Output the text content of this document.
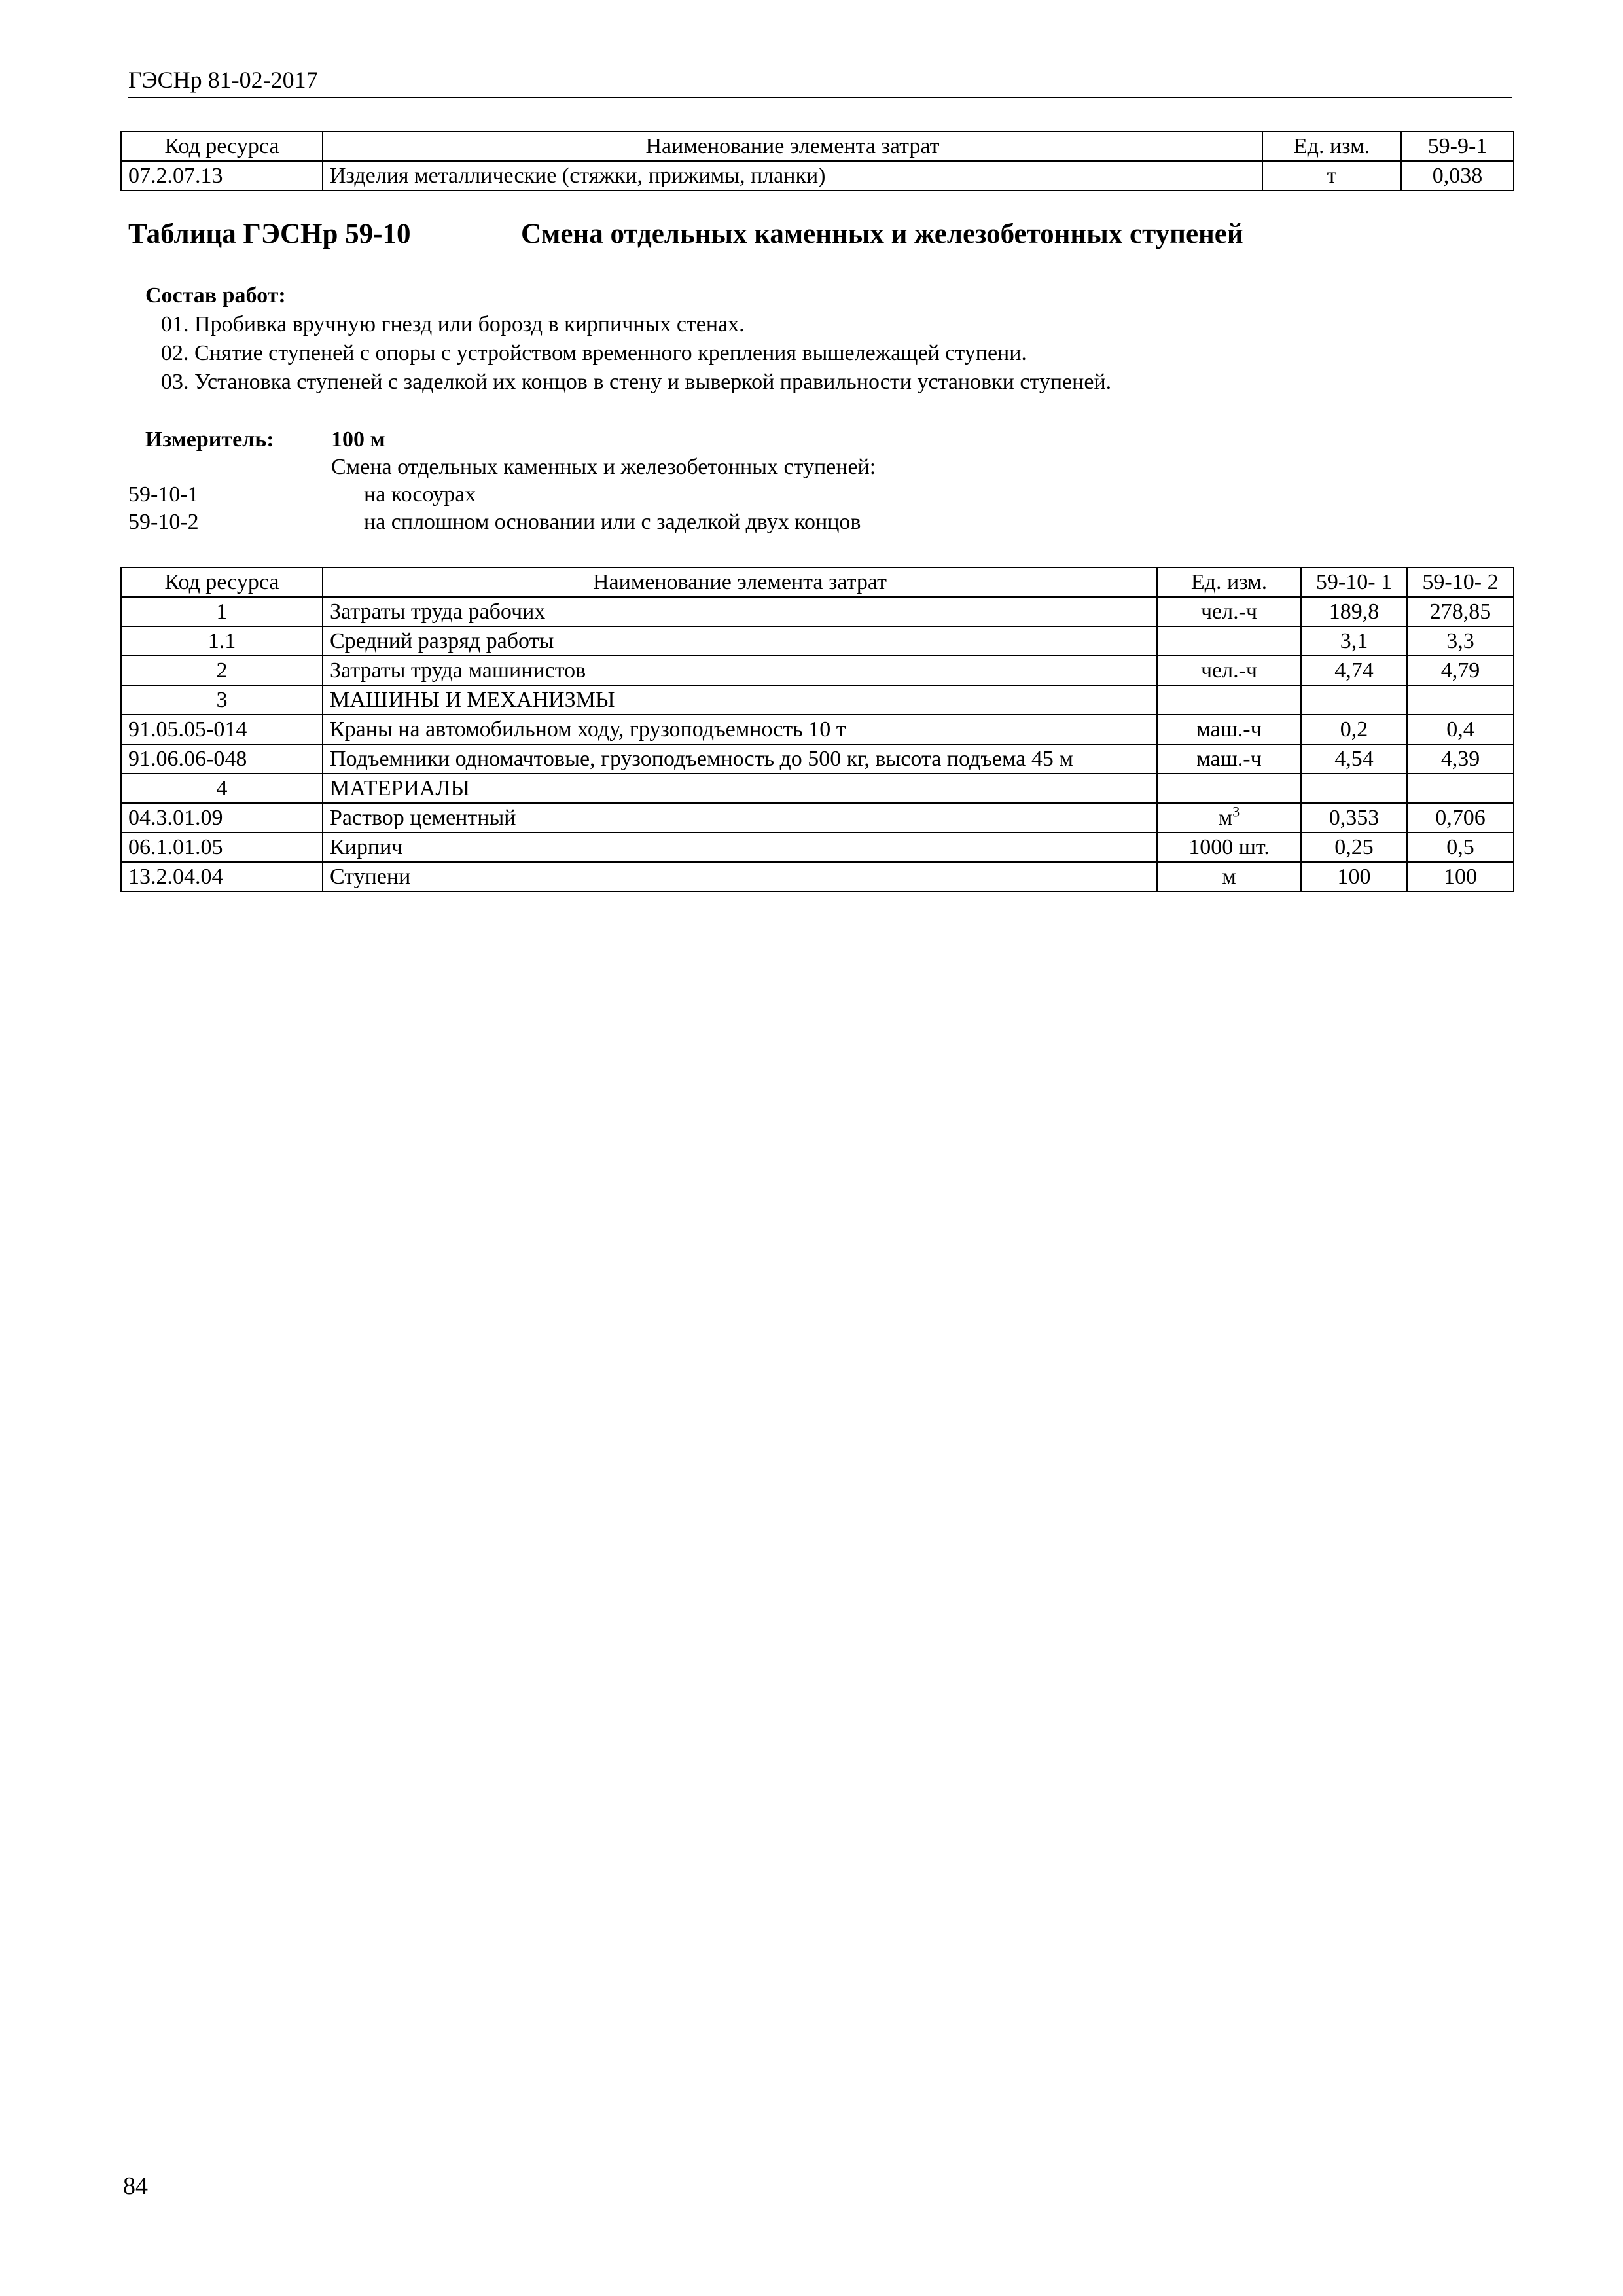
ГЭСНр 81-02-2017
Код ресурса	Наименование элемента затрат	Ед. изм.	59-9-1
07.2.07.13	Изделия металлические (стяжки, прижимы, планки)	т	0,038
Таблица ГЭСНр 59-10	Смена отдельных каменных и железобетонных ступеней
Состав работ:
01. Пробивка вручную гнезд или борозд в кирпичных стенах.
02. Снятие ступеней с опоры с устройством временного крепления вышележащей ступени.
03. Установка ступеней с заделкой их концов в стену и выверкой правильности установки ступеней.
Измеритель:	100 м
Смена отдельных каменных и железобетонных ступеней:
59-10-1	на косоурах
59-10-2	на сплошном основании или с заделкой двух концов
Код ресурса	Наименование элемента затрат	Ед. изм.	59-10- 1	59-10- 2
1	Затраты труда рабочих	чел.-ч	189,8	278,85
1.1	Средний разряд работы		3,1	3,3
2	Затраты труда машинистов	чел.-ч	4,74	4,79
3	МАШИНЫ И МЕХАНИЗМЫ			
91.05.05-014	Краны на автомобильном ходу, грузоподъемность 10 т	маш.-ч	0,2	0,4
91.06.06-048	Подъемники одномачтовые, грузоподъемность до 500 кг, высота подъема 45 м	маш.-ч	4,54	4,39
4	МАТЕРИАЛЫ			
04.3.01.09	Раствор цементный	$м^3$	0,353	0,706
06.1.01.05	Кирпич	1000 шт.	0,25	0,5
13.2.04.04	Ступени	м	100	100
84
